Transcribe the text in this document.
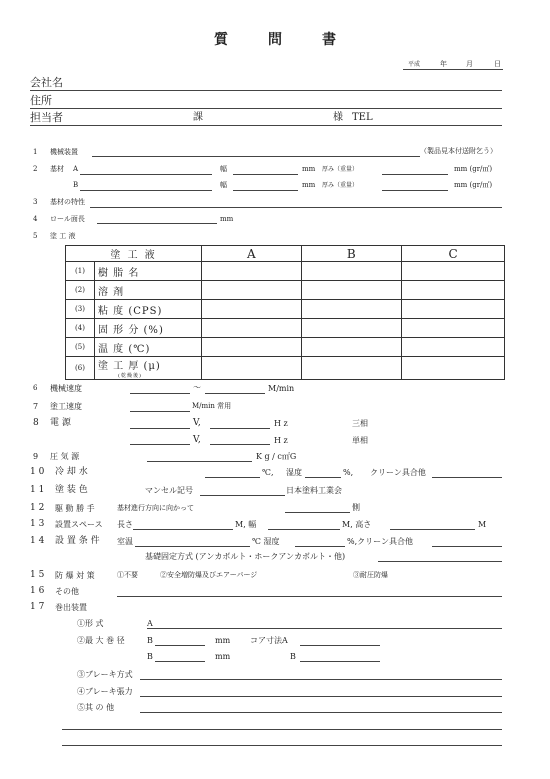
質	問	書
平成	年	月	日
会社名
住所
担当者	課	様 TEL
1 機械装置	（製品見本付送附乞う）
2 基材 A	幅	mm 厚み（重量）	mm (gr/㎡)
B	幅	mm 厚み（重量）	mm (gr/㎡)
3 基材の特性
4 ロール面長	mm
5 塗 工 液
塗 工 液		A	B	C
(1)	樹 脂 名			
(2)	溶 剤			
(3)	粘 度 (CPS)			
(4)	固 形 分 (%)			
(5)	温 度 (℃)			
(6)	塗 工 厚 (μ)
(乾燥後)			

6 機械速度	～	M/min
7 塗工速度	M/min 常用
8 電 源	V,	H z	三相
V,	H z	単相
9 圧 気 源	K g / c㎡G
1 0 冷 却 水	℃, 湿度	%, クリーン具合他
1 1 塗 装 色	マンセル記号	日本塗料工業会
1 2 駆 動 勝 手	基材進行方向に向かって	側
1 3 設置スペース 長さ	M, 幅	M, 高さ	M
1 4 設 置 条 件 室温	℃ 湿度	%,クリーン具合他
基礎固定方式 (アンカボルト・ホークアンカボルト・他)
1 5 防 爆 対 策	①不要	②安全増防爆及びエアーパージ	③耐圧防爆
1 6 その他
1 7 巻出装置
①形 式	A
②最 大 巻 径	B	mm コア寸法A
B	mm	B
③ブレーキ方式
④ブレーキ張力
⑤其 の 他
